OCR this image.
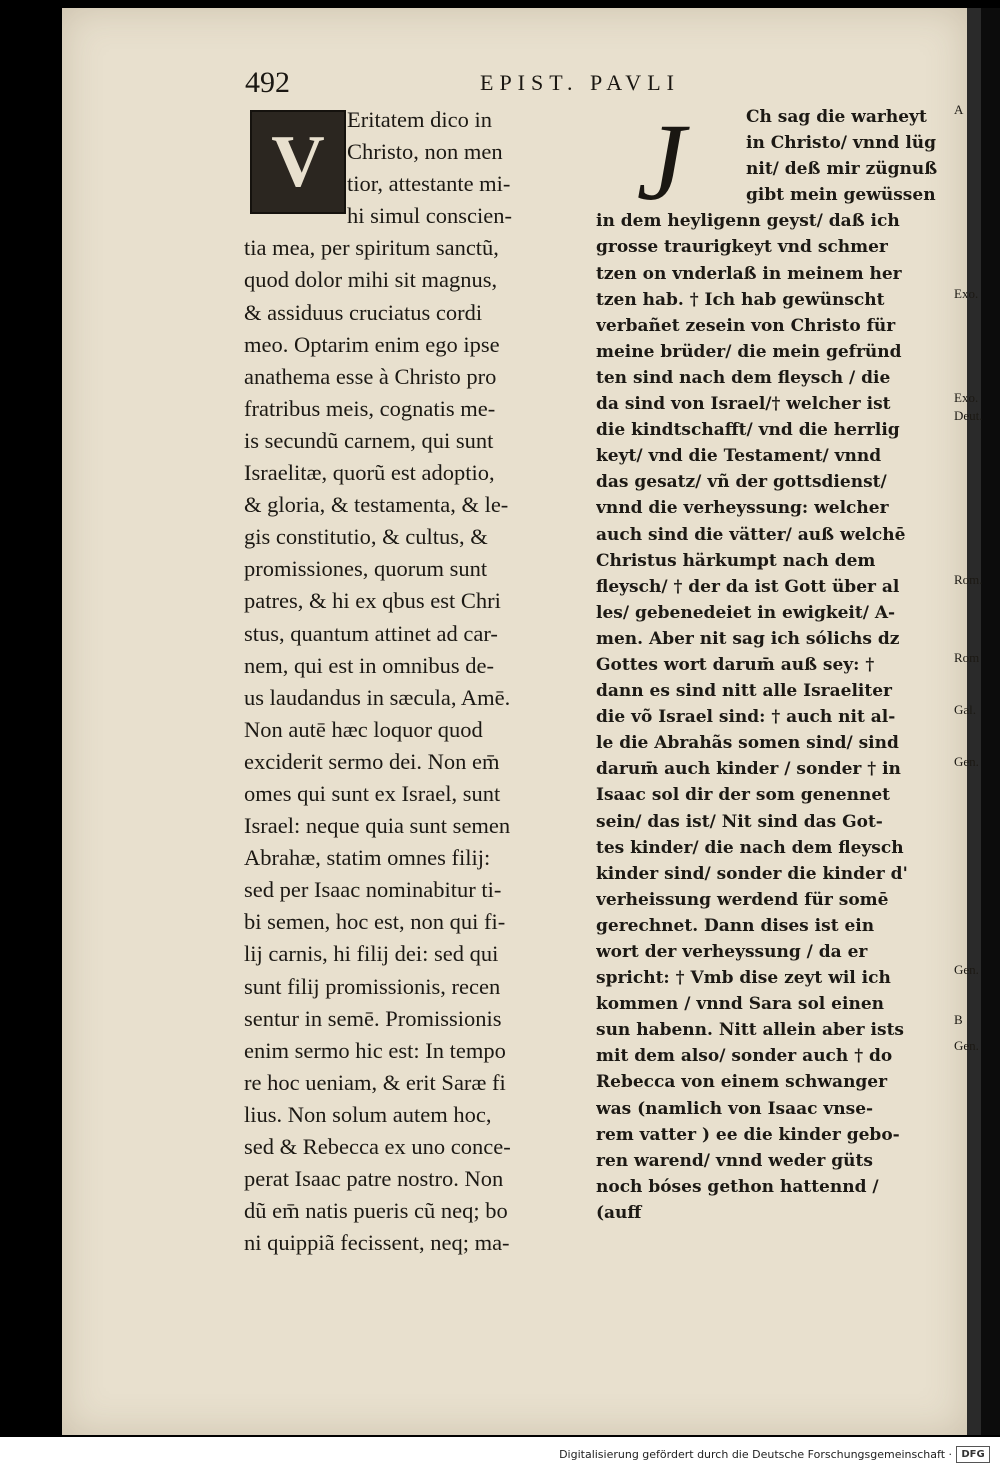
492	EPIST. PAVLI
V
Eritatem dico in
Christo, non men
tior, attestante mi-
hi simul conscien-
tia mea, per spiritum sanctũ,
quod dolor mihi sit magnus,
& assiduus cruciatus cordi
meo. Optarim enim ego ipse
anathema esse à Christo pro
fratribus meis, cognatis me-
is secundũ carnem, qui sunt
Israelitæ, quorũ est adoptio,
& gloria, & testamenta, & le-
gis constitutio, & cultus, &
promissiones, quorum sunt
patres, & hi ex qbus est Chri
stus, quantum attinet ad car-
nem, qui est in omnibus de-
us laudandus in sæcula, Amē.
Non autē hæc loquor quod
exciderit sermo dei. Non em̄
omes qui sunt ex Israel, sunt
Israel: neque quia sunt semen
Abrahæ, statim omnes filij:
sed per Isaac nominabitur ti-
bi semen, hoc est, non qui fi-
lij carnis, hi filij dei: sed qui
sunt filij promissionis, recen
sentur in semē. Promissionis
enim sermo hic est: In tempo
re hoc ueniam, & erit Saræ fi
lius. Non solum autem hoc,
sed & Rebecca ex uno conce-
perat Isaac patre nostro. Non
dũ em̄ natis pueris cũ neq; bo
ni quippiã fecissent, neq; ma-
J	Ch sag die warheyt
in Christo/ vnnd lüg
nit/ deß mir zügnuß
gibt mein gewüssen
in dem heyligenn geyst/ daß ich
grosse traurigkeyt vnd schmer
tzen on vnderlaß in meinem her
tzen hab. † Ich hab gewünscht
verbañet zesein von Christo für
meine brüder/ die mein gefründ
ten sind nach dem fleysch / die
da sind von Israel/† welcher ist
die kindtschafft/ vnd die herrlig
keyt/ vnd die Testament/ vnnd
das gesatz/ vñ der gottsdienst/
vnnd die verheyssung: welcher
auch sind die vätter/ auß welchē
Christus härkumpt nach dem
fleysch/ † der da ist Gott über al
les/ gebenedeiet in ewigkeit/ A-
men. Aber nit sag ich sólichs dz
Gottes wort darum̄ auß sey: †
dann es sind nitt alle Israeliter
die võ Israel sind: † auch nit al-
le die Abrahãs somen sind/ sind
darum̄ auch kinder / sonder † in
Isaac sol dir der som genennet
sein/ das ist/ Nit sind das Got-
tes kinder/ die nach dem fleysch
kinder sind/ sonder die kinder d'
verheissung werdend für somē
gerechnet. Dann dises ist ein
wort der verheyssung / da er
spricht: † Vmb dise zeyt wil ich
kommen / vnnd Sara sol einen
sun habenn. Nitt allein aber ists
mit dem also/ sonder auch † do
Rebecca von einem schwanger
was (namlich von Isaac vnse-
rem vatter ) ee die kinder gebo-
ren warend/ vnnd weder güts
noch bóses gethon hattennd /
(auff
A
Exo.
Exo.
Deut.
Rom.
Rom
Gal.
Gen.
Gen.
B
Gen.
Digitalisierung gefördert durch die Deutsche Forschungsgemeinschaft · DFG
